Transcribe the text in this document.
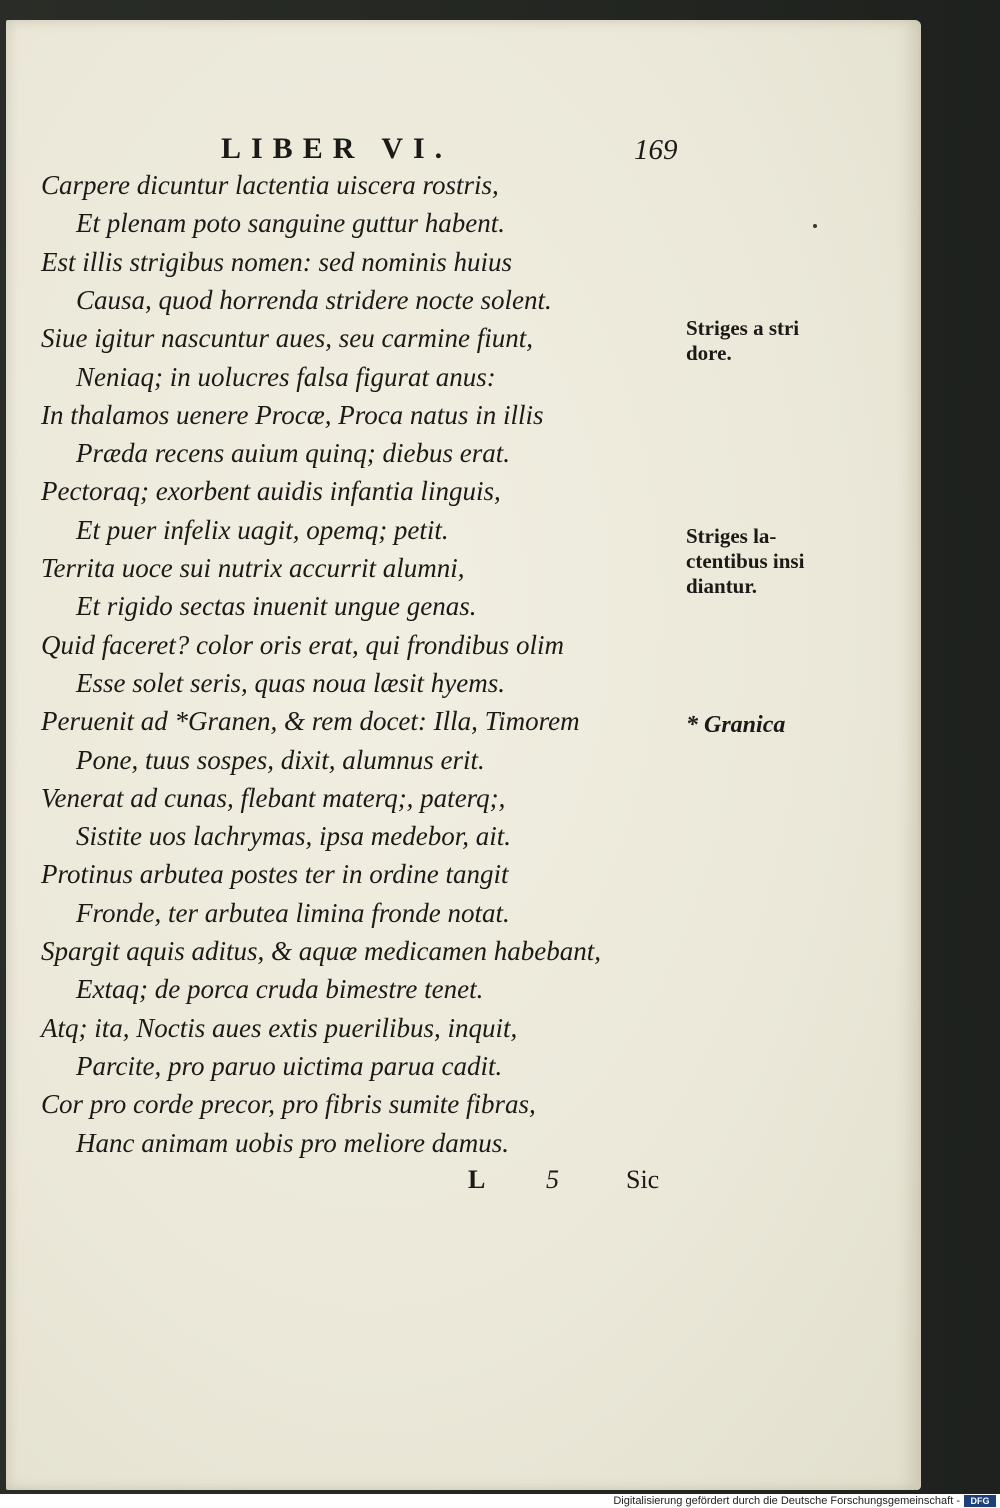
LIBER VI.	169
Carpere dicuntur lactentia uiscera rostris,
Et plenam poto sanguine guttur habent.
Est illis strigibus nomen: sed nominis huius
Causa, quod horrenda stridere nocte solent.
Siue igitur nascuntur aues, seu carmine fiunt,
Neniaq; in uolucres falsa figurat anus:
In thalamos uenere Procæ, Proca natus in illis
Præda recens auium quinq; diebus erat.
Pectoraq; exorbent auidis infantia linguis,
Et puer infelix uagit, opemq; petit.
Territa uoce sui nutrix accurrit alumni,
Et rigido sectas inuenit ungue genas.
Quid faceret? color oris erat, qui frondibus olim
Esse solet seris, quas noua læsit hyems.
Peruenit ad *Granen, & rem docet: Illa, Timorem
Pone, tuus sospes, dixit, alumnus erit.
Venerat ad cunas, flebant materq;, paterq;,
Sistite uos lachrymas, ipsa medebor, ait.
Protinus arbutea postes ter in ordine tangit
Fronde, ter arbutea limina fronde notat.
Spargit aquis aditus, & aquæ medicamen habebant,
Extaq; de porca cruda bimestre tenet.
Atq; ita, Noctis aues extis puerilibus, inquit,
Parcite, pro paruo uictima parua cadit.
Cor pro corde precor, pro fibris sumite fibras,
Hanc animam uobis pro meliore damus.
Striges a stri
dore.
Striges la-
ctentibus insi
diantur.
* Granica
L 5	Sic
Digitalisierung gefördert durch die Deutsche Forschungsgemeinschaft -	DFG
